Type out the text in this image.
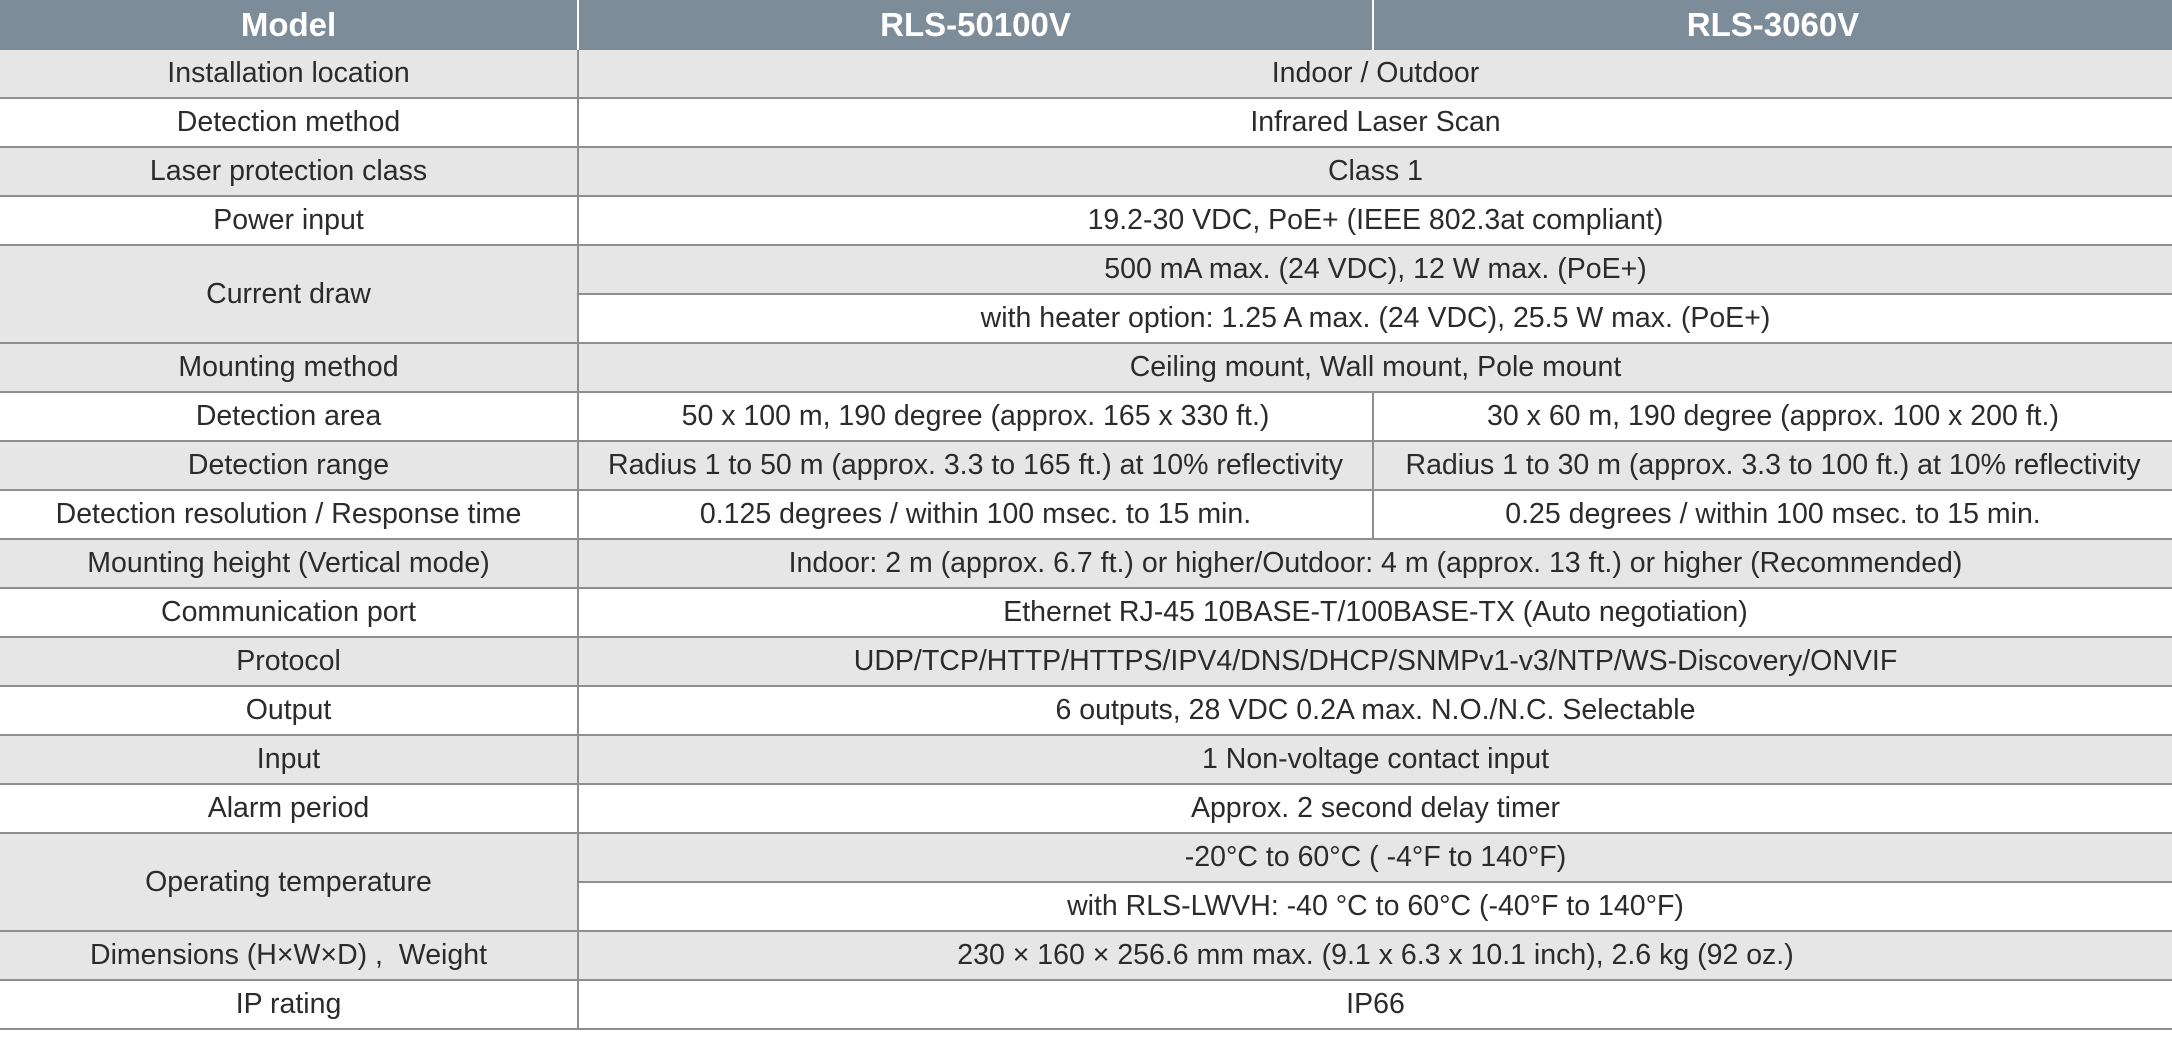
Model	RLS-50100V	RLS-3060V
Installation location	Indoor / Outdoor	
Detection method	Infrared Laser Scan	
Laser protection class	Class 1	
Power input	19.2-30 VDC, PoE+ (IEEE 802.3at compliant)	
Current draw	500 mA max. (24 VDC), 12 W max. (PoE+)	
	with heater option: 1.25 A max. (24 VDC), 25.5 W max. (PoE+)	
Mounting method	Ceiling mount, Wall mount, Pole mount	
Detection area	50 x 100 m, 190 degree (approx. 165 x 330 ft.)	30 x 60 m, 190 degree (approx. 100 x 200 ft.)
Detection range	Radius 1 to 50 m (approx. 3.3 to 165 ft.) at 10% reflectivity	Radius 1 to 30 m (approx. 3.3 to 100 ft.) at 10% reflectivity
Detection resolution / Response time	0.125 degrees / within 100 msec. to 15 min.	0.25 degrees / within 100 msec. to 15 min.
Mounting height (Vertical mode)	Indoor: 2 m (approx. 6.7 ft.) or higher/Outdoor: 4 m (approx. 13 ft.) or higher (Recommended)	
Communication port	Ethernet RJ-45 10BASE-T/100BASE-TX (Auto negotiation)	
Protocol	UDP/TCP/HTTP/HTTPS/IPV4/DNS/DHCP/SNMPv1-v3/NTP/WS-Discovery/ONVIF	
Output	6 outputs, 28 VDC 0.2A max. N.O./N.C. Selectable	
Input	1 Non-voltage contact input	
Alarm period	Approx. 2 second delay timer	
Operating temperature	-20°C to 60°C ( -4°F to 140°F)	
	with RLS-LWVH: -40 °C to 60°C (-40°F to 140°F)	
Dimensions (H×W×D) ,  Weight	230 × 160 × 256.6 mm max. (9.1 x 6.3 x 10.1 inch), 2.6 kg (92 oz.)	
IP rating	IP66	
